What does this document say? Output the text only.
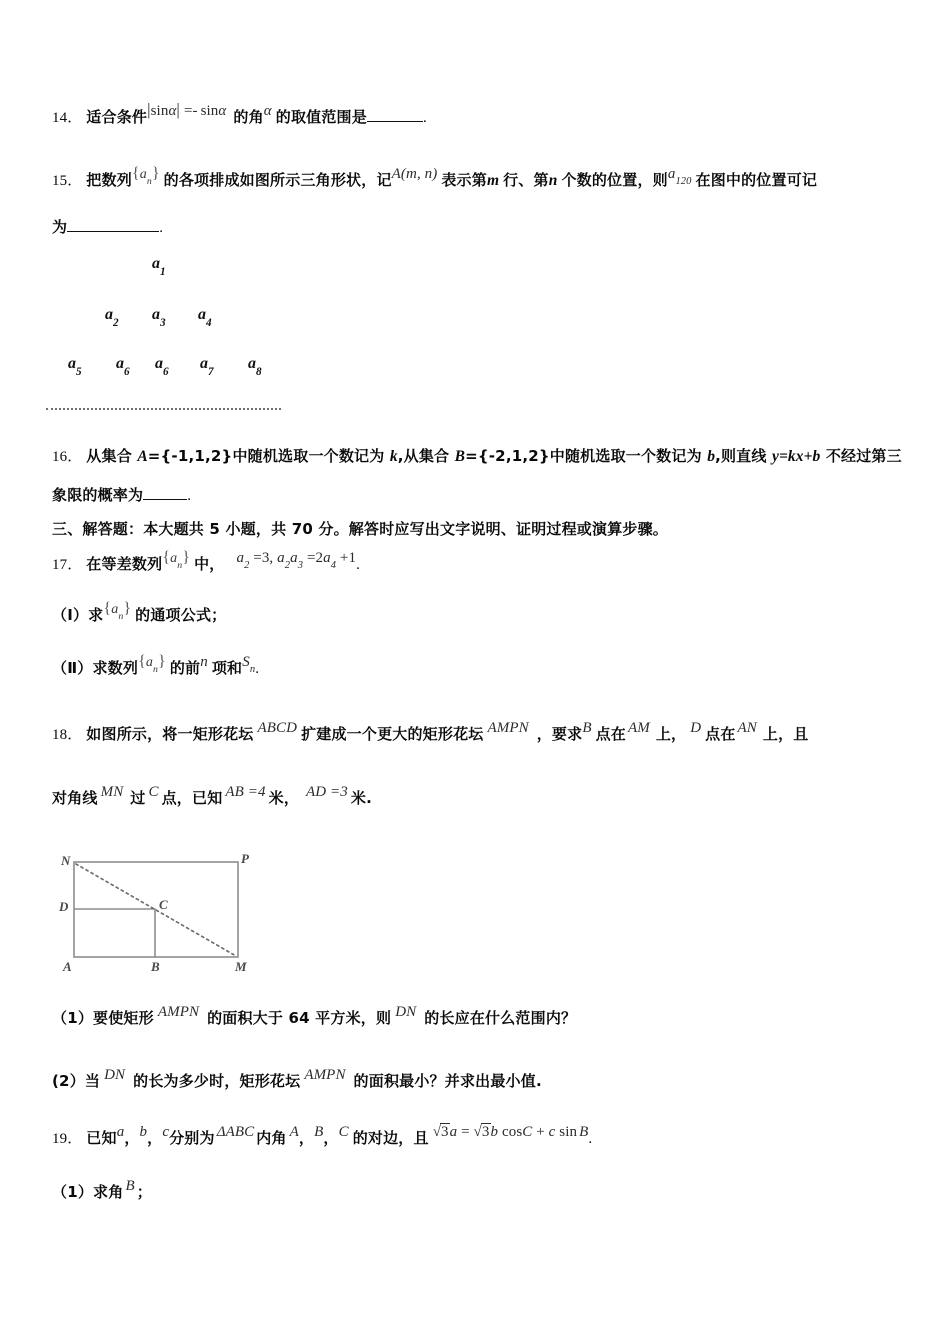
14． 适合条件|sinα| =- sinα 的角α 的取值范围是	.
15． 把数列$\{a_n\}$ 的各项排成如图所示三角形状，记A(m, n) 表示第m 行、第n 个数的位置，则$a_{120}$ 在图中的位置可记
为	.
$a_1$
$a_2$ $a_3$ $a_4$
$a_5$ $a_6$ $a_6$ $a_7$ $a_8$
16． 从集合 A={-1,1,2}中随机选取一个数记为 k,从集合 B={-2,1,2}中随机选取一个数记为 b,则直线 y=kx+b 不经过第三
象限的概率为	.
三、解答题：本大题共 5 小题，共 70 分。解答时应写出文字说明、证明过程或演算步骤。
17． 在等差数列$\{a_n\}$ 中， $a_2 =3$, $a_2a_3 =2a_4 +1$.
（Ⅰ）求$\{a_n\}$ 的通项公式；
（Ⅱ）求数列$\{a_n\}$ 的前n 项和$S_n$.
18． 如图所示，将一矩形花坛 ABCD 扩建成一个更大的矩形花坛 AMPN ，要求B 点在 AM 上， D 点在 AN 上，且
对角线 MN 过 C 点，已知 AB =4 米， AD =3 米.
N	P
D	C
A	B	M
（1）要使矩形 AMPN 的面积大于 64 平方米，则 DN 的长应在什么范围内？
(2）当 DN 的长为多少时，矩形花坛 AMPN 的面积最小？并求出最小值.
19． 已知a，b，c分别为 ΔABC 内角 A，B，C 的对边，且 √3a = √3b cosC + c sin B.
（1）求角 B ；
